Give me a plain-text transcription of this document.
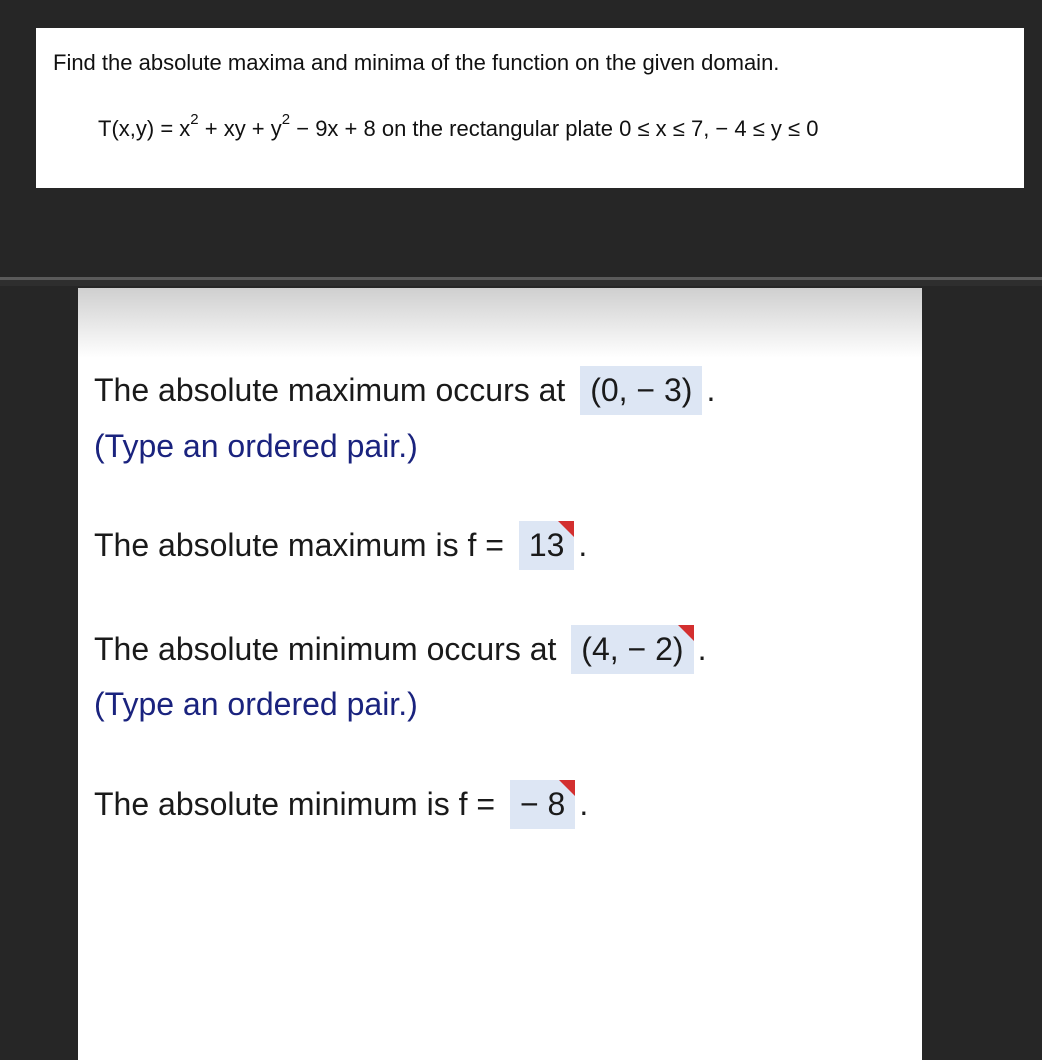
Find the absolute maxima and minima of the function on the given domain.
$T(x,y) = x^2$ + xy + $y^2 - 9x + 8$ on the rectangular plate 0 ≤ x ≤ 7, − 4 ≤ y ≤ 0
The absolute maximum occurs at (0, − 3) .
(Type an ordered pair.)
The absolute maximum is f = 13 .
The absolute minimum occurs at (4, − 2) .
(Type an ordered pair.)
The absolute minimum is f = − 8 .
